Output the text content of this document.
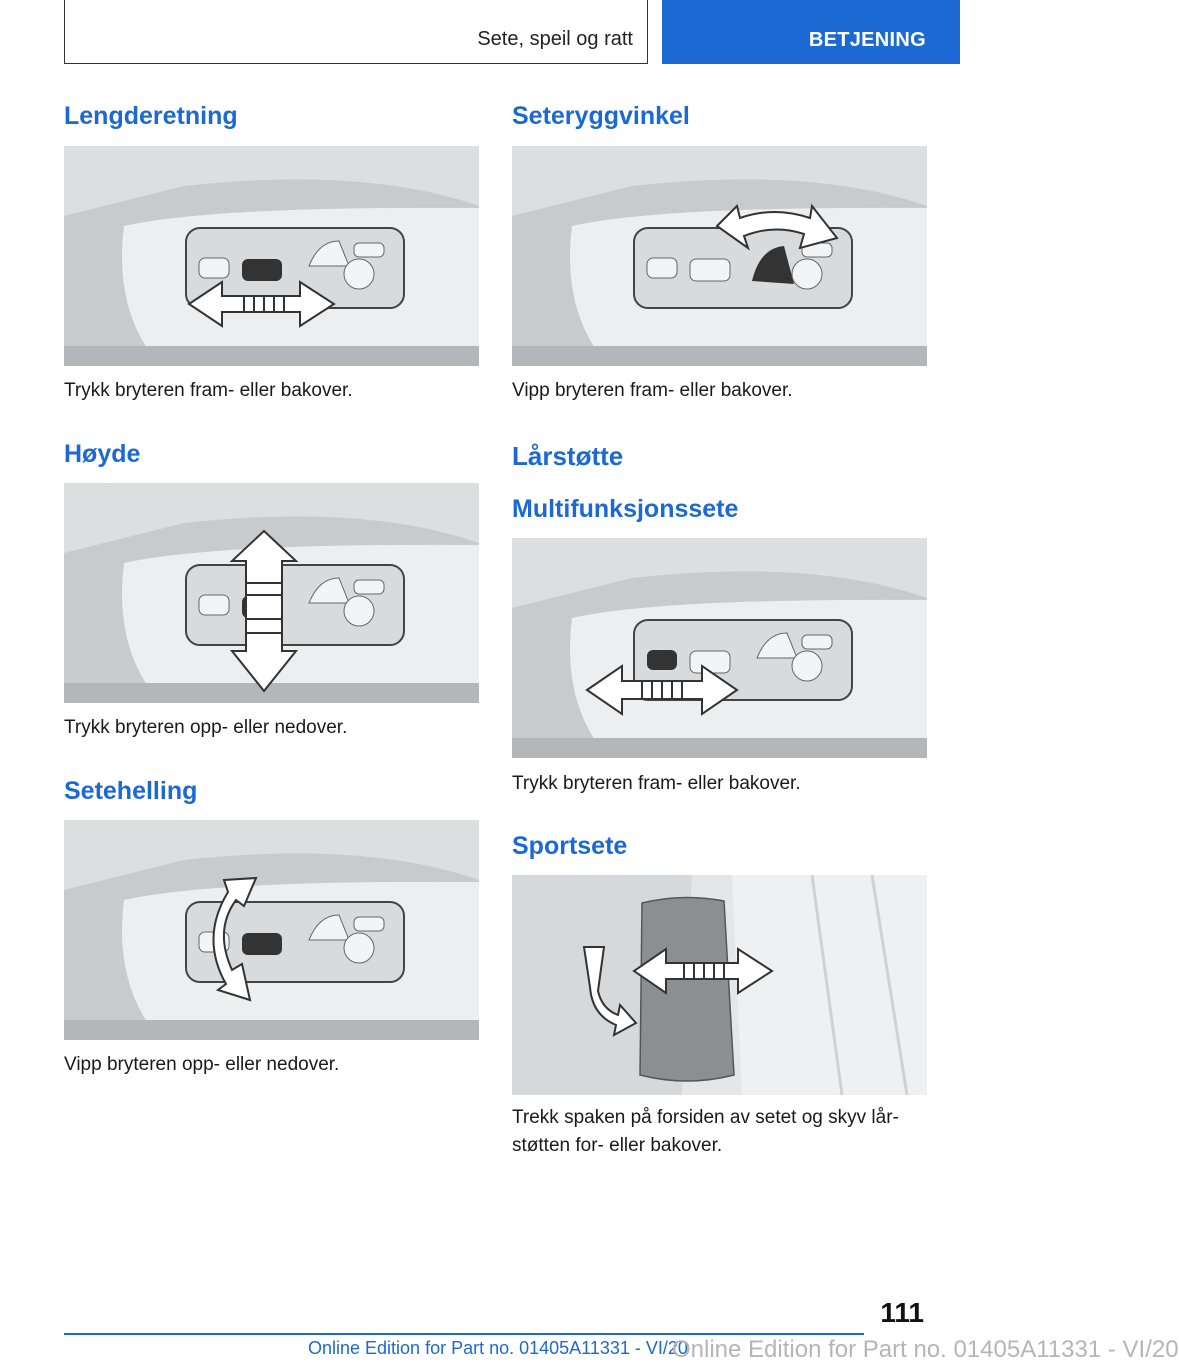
Sete, speil og ratt	BETJENING
Lengderetning

Trykk bryteren fram- eller bakover.

Høyde

Trykk bryteren opp- eller nedover.

Setehelling

Vipp bryteren opp- eller nedover.

Seteryggvinkel

Vipp bryteren fram- eller bakover.

Lårstøtte
Multifunksjonssete

Trykk bryteren fram- eller bakover.

Sportsete

Trekk spaken på forsiden av setet og skyv lår-

støtten for- eller bakover.

111
Online Edition for Part no. 01405A11331 - VI/20
Online Edition for Part no. 01405A11331 - VI/20
